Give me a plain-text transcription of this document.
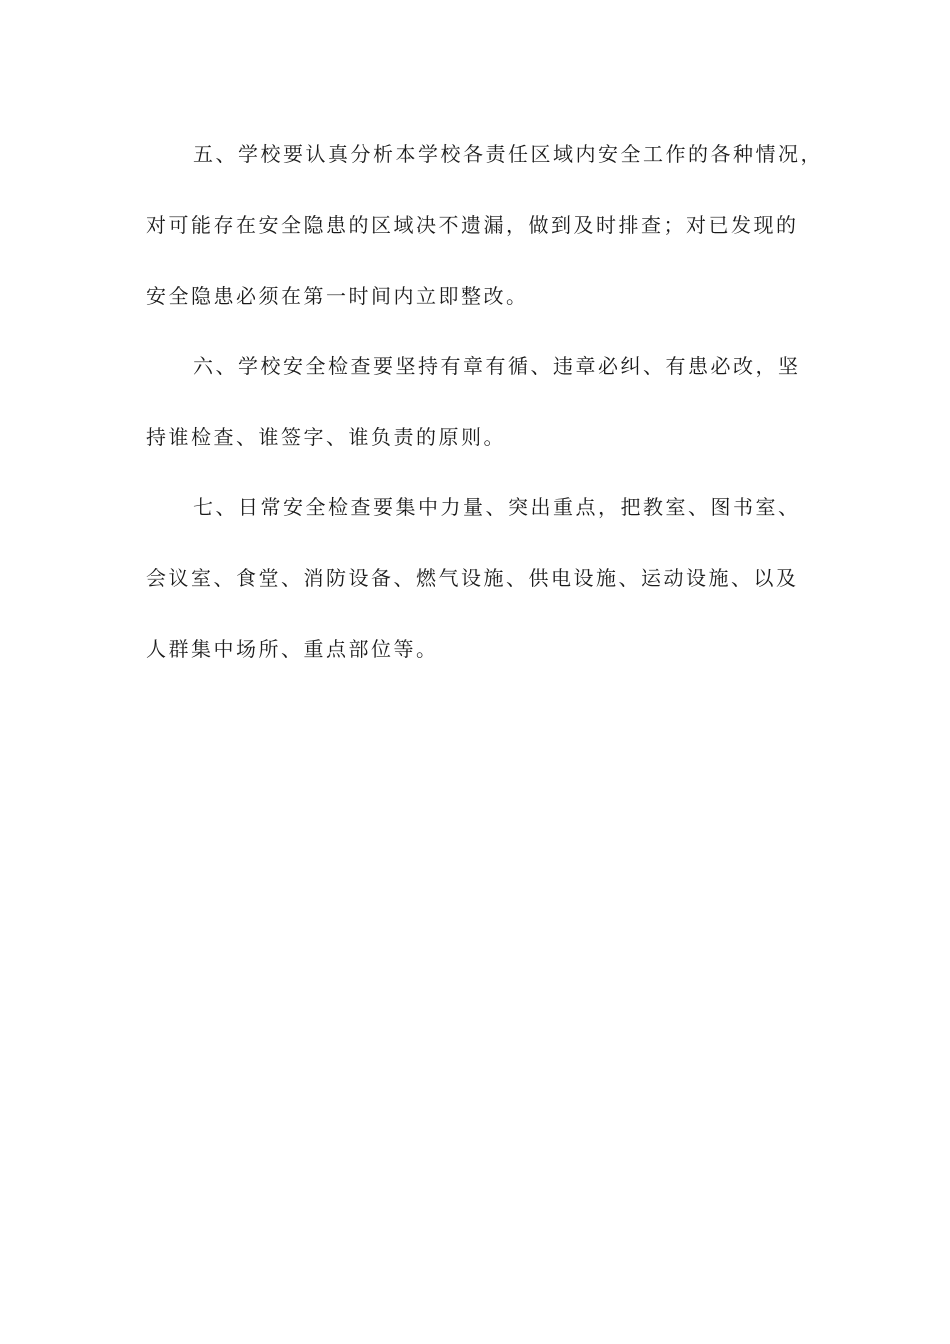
五、学校要认真分析本学校各责任区域内安全工作的各种情况，
对可能存在安全隐患的区域决不遗漏，做到及时排查；对已发现的
安全隐患必须在第一时间内立即整改。
六、学校安全检查要坚持有章有循、违章必纠、有患必改，坚
持谁检查、谁签字、谁负责的原则。
七、日常安全检查要集中力量、突出重点，把教室、图书室、
会议室、食堂、消防设备、燃气设施、供电设施、运动设施、以及
人群集中场所、重点部位等。
